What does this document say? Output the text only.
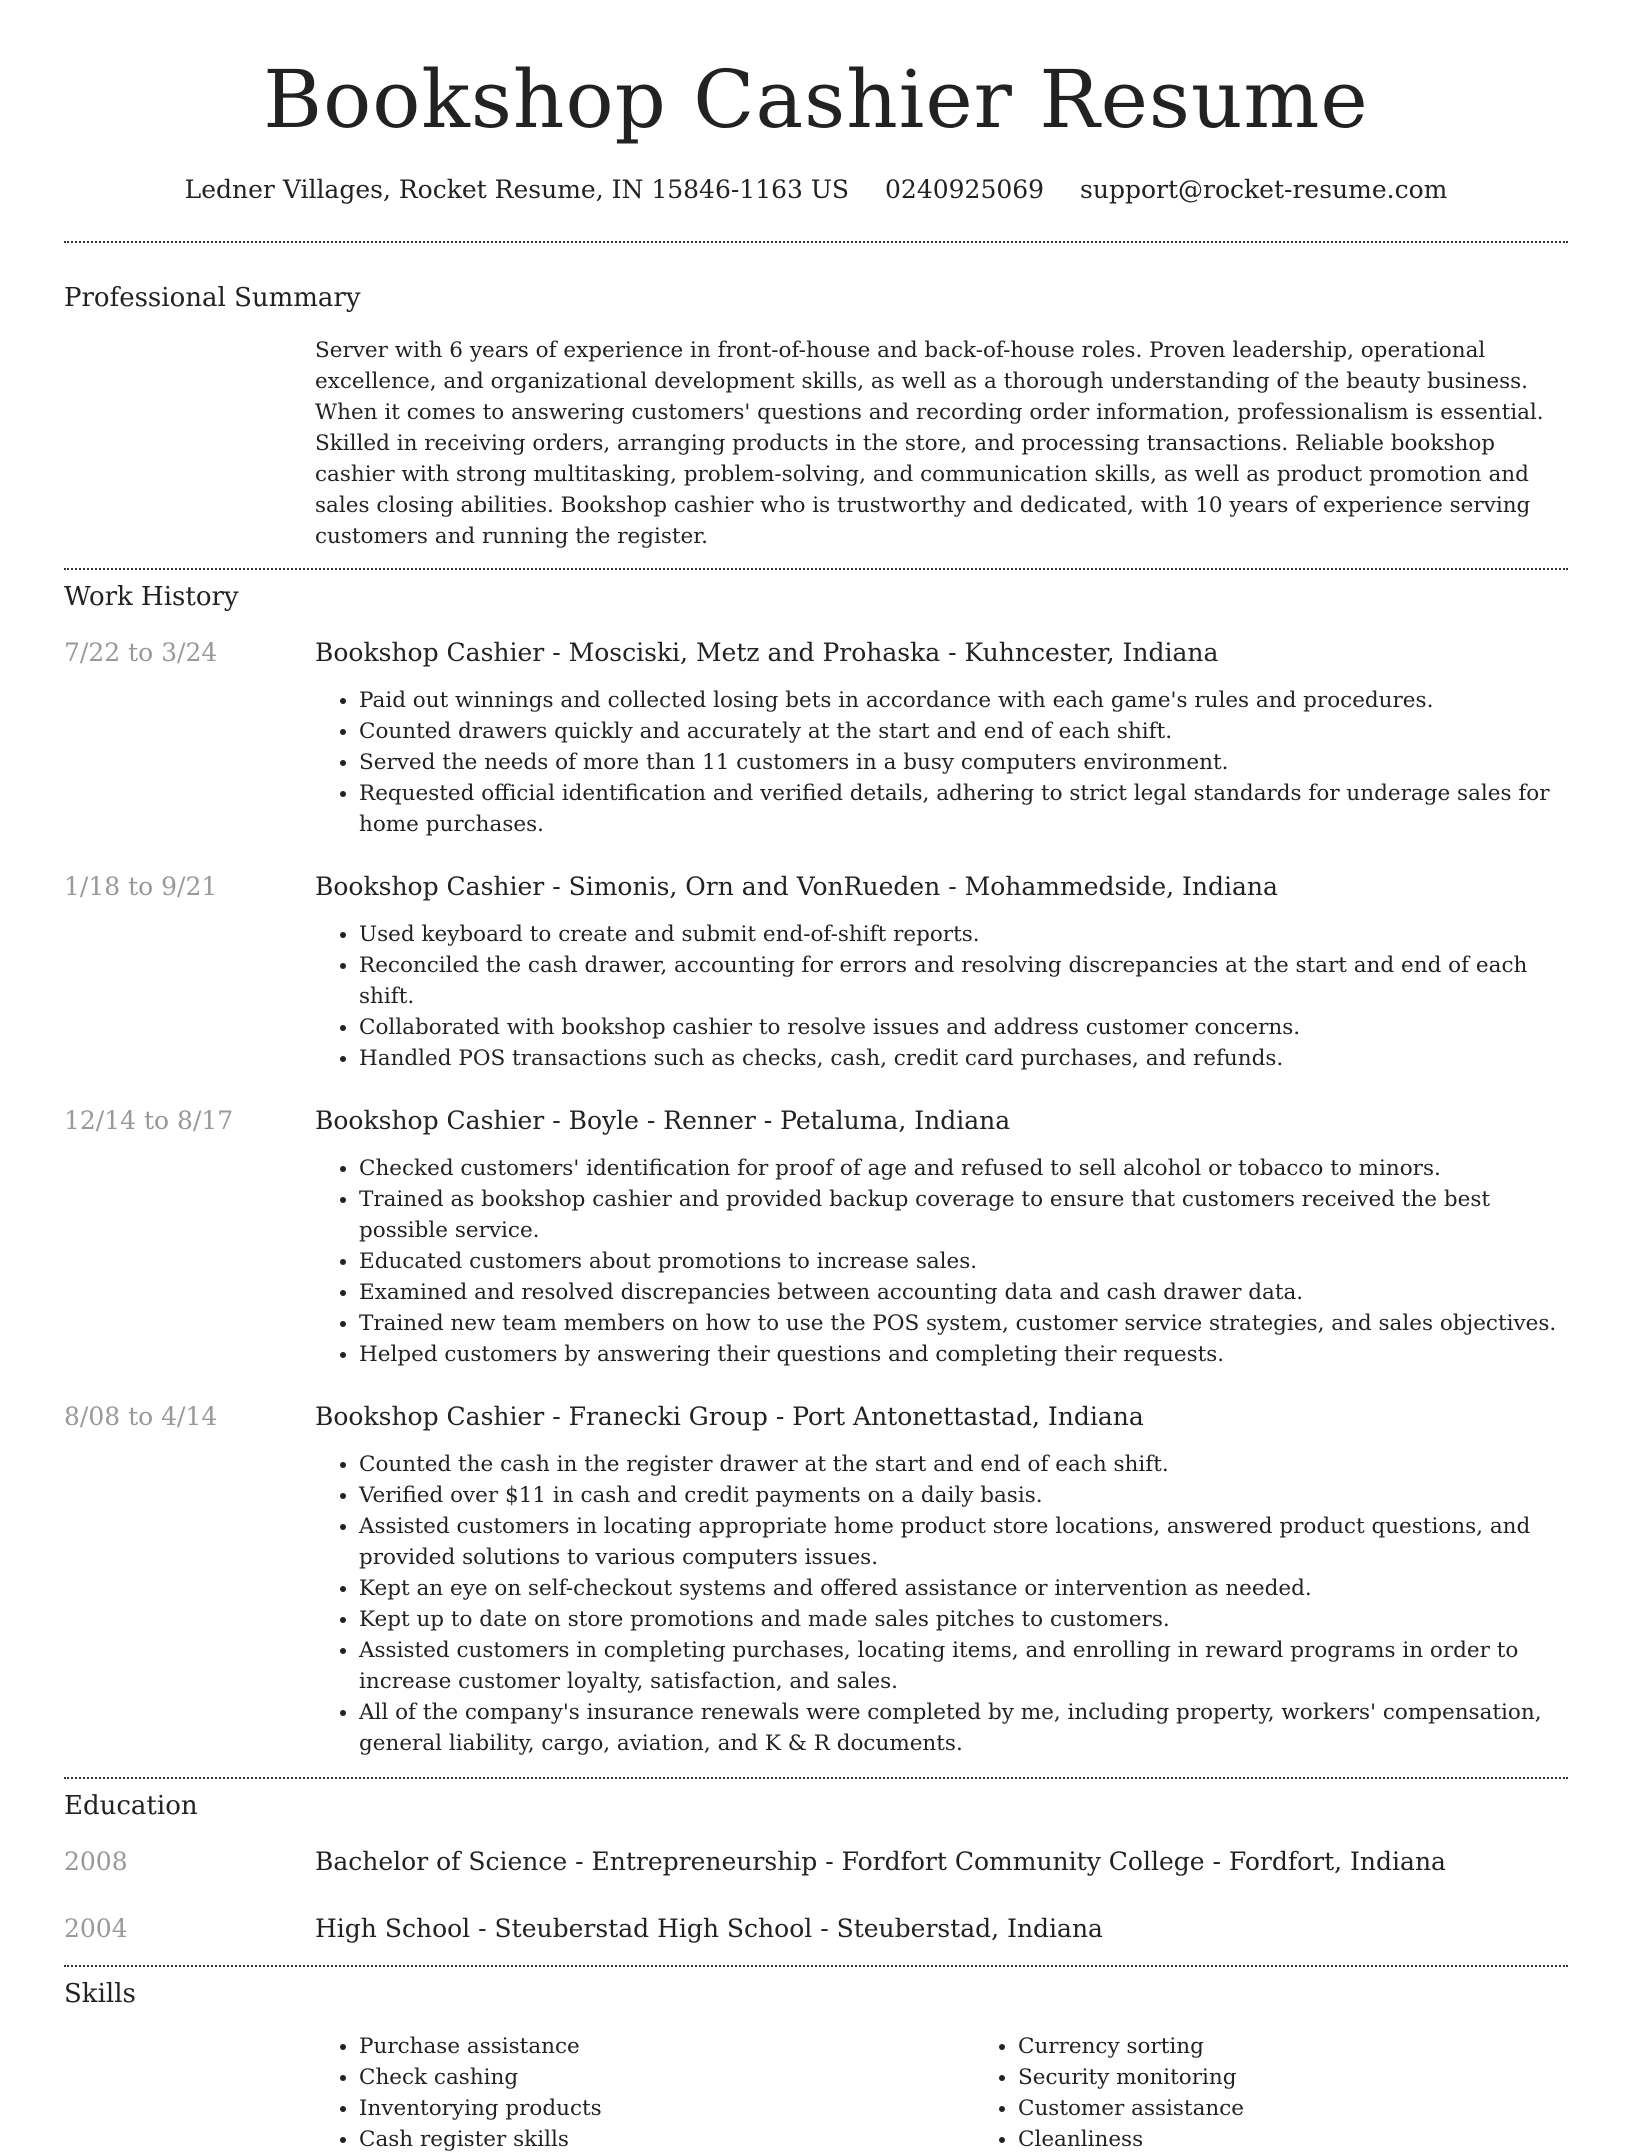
Bookshop Cashier Resume
Ledner Villages, Rocket Resume, IN 15846-1163 US 0240925069 support@rocket-resume.com
Professional Summary

Server with 6 years of experience in front-of-house and back-of-house roles. Proven leadership, operational excellence, and organizational development skills, as well as a thorough understanding of the beauty business. When it comes to answering customers' questions and recording order information, professionalism is essential. Skilled in receiving orders, arranging products in the store, and processing transactions. Reliable bookshop cashier with strong multitasking, problem-solving, and communication skills, as well as product promotion and sales closing abilities. Bookshop cashier who is trustworthy and dedicated, with 10 years of experience serving customers and running the register.

Work History
7/22 to 3/24	Bookshop Cashier - Mosciski, Metz and Prohaska - Kuhncester, Indiana
• Paid out winnings and collected losing bets in accordance with each game's rules and procedures.
• Counted drawers quickly and accurately at the start and end of each shift.
• Served the needs of more than 11 customers in a busy computers environment.
• Requested official identification and verified details, adhering to strict legal standards for underage sales for home purchases.
1/18 to 9/21	Bookshop Cashier - Simonis, Orn and VonRueden - Mohammedside, Indiana
• Used keyboard to create and submit end-of-shift reports.
• Reconciled the cash drawer, accounting for errors and resolving discrepancies at the start and end of each shift.
• Collaborated with bookshop cashier to resolve issues and address customer concerns.
• Handled POS transactions such as checks, cash, credit card purchases, and refunds.
12/14 to 8/17	Bookshop Cashier - Boyle - Renner - Petaluma, Indiana
• Checked customers' identification for proof of age and refused to sell alcohol or tobacco to minors.
• Trained as bookshop cashier and provided backup coverage to ensure that customers received the best possible service.
• Educated customers about promotions to increase sales.
• Examined and resolved discrepancies between accounting data and cash drawer data.
• Trained new team members on how to use the POS system, customer service strategies, and sales objectives.
• Helped customers by answering their questions and completing their requests.
8/08 to 4/14	Bookshop Cashier - Franecki Group - Port Antonettastad, Indiana
• Counted the cash in the register drawer at the start and end of each shift.
• Verified over $11 in cash and credit payments on a daily basis.
• Assisted customers in locating appropriate home product store locations, answered product questions, and provided solutions to various computers issues.
• Kept an eye on self-checkout systems and offered assistance or intervention as needed.
• Kept up to date on store promotions and made sales pitches to customers.
• Assisted customers in completing purchases, locating items, and enrolling in reward programs in order to increase customer loyalty, satisfaction, and sales.
• All of the company's insurance renewals were completed by me, including property, workers' compensation, general liability, cargo, aviation, and K & R documents.
Education
2008	Bachelor of Science - Entrepreneurship - Fordfort Community College - Fordfort, Indiana
2004	High School - Steuberstad High School - Steuberstad, Indiana
Skills
• Purchase assistance
• Check cashing
• Inventorying products
• Cash register skills
• Currency sorting
• Security monitoring
• Customer assistance
• Cleanliness
